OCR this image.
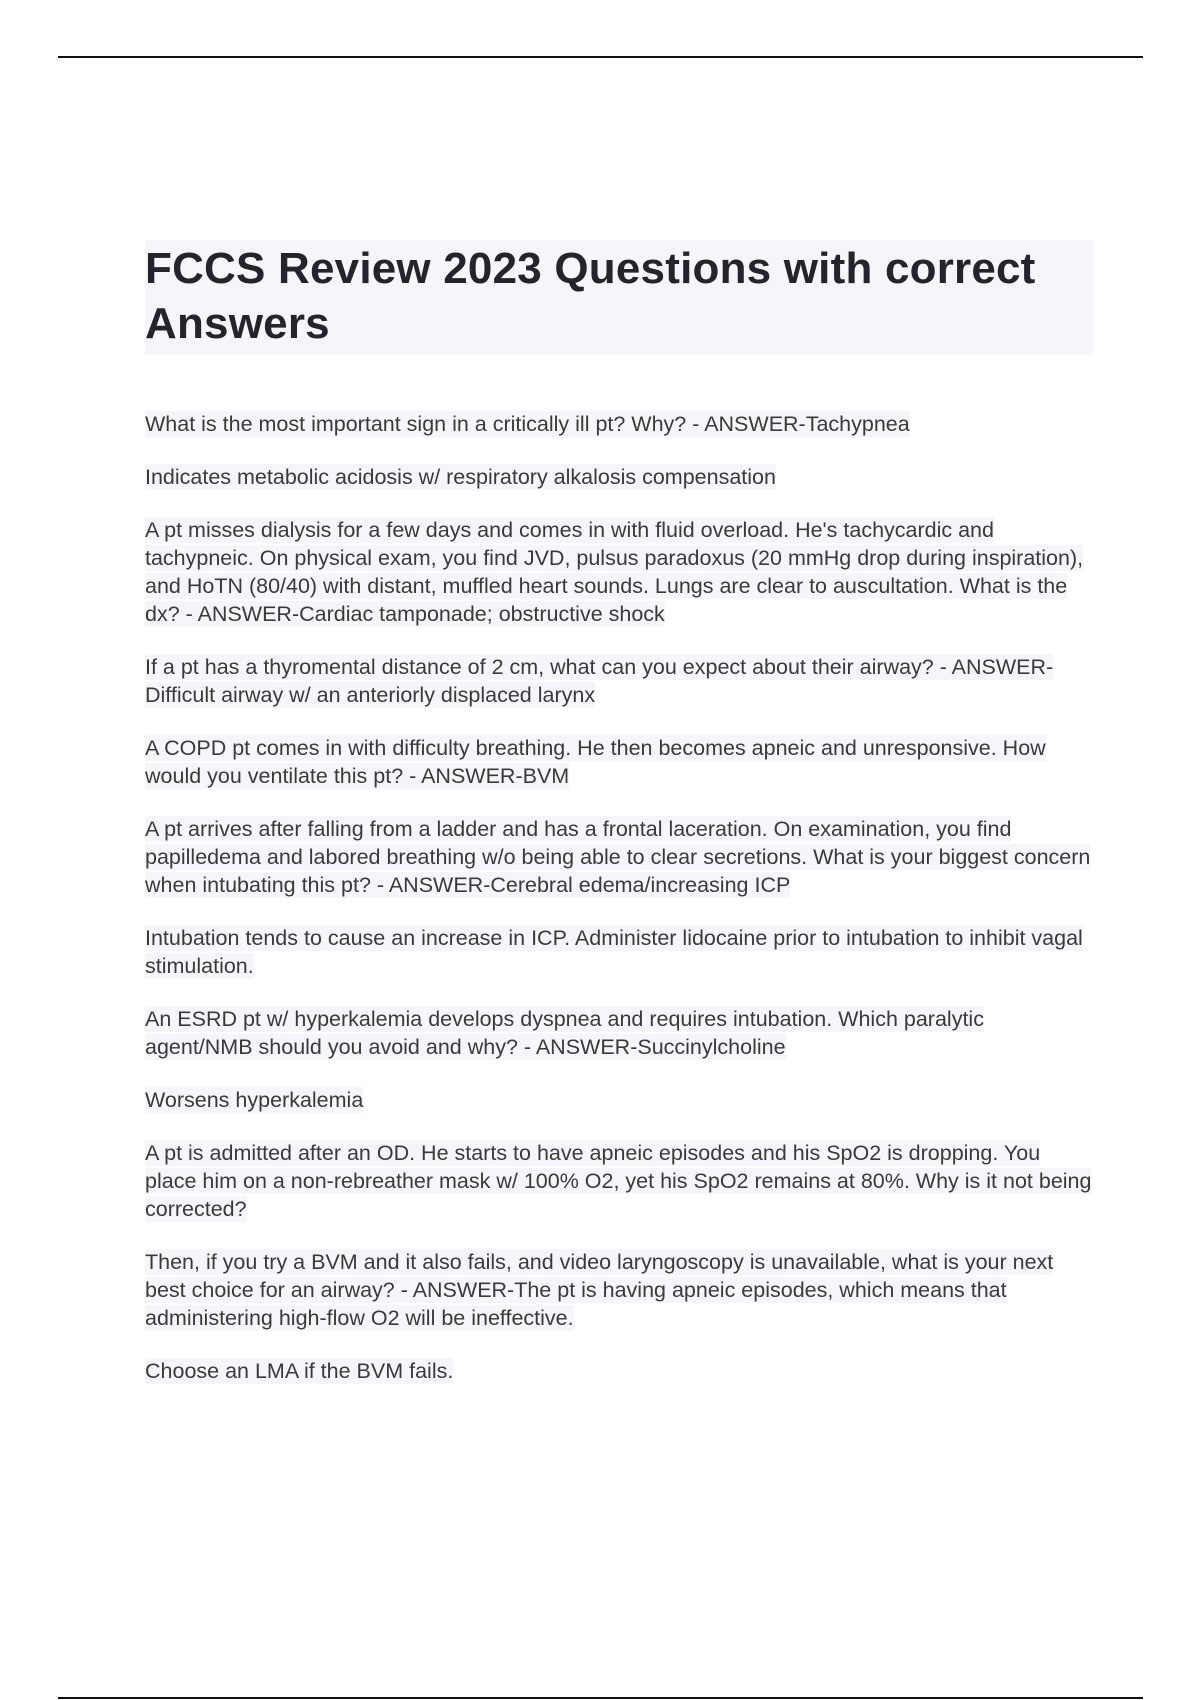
FCCS Review 2023 Questions with correct Answers

What is the most important sign in a critically ill pt? Why? - ANSWER-Tachypnea

Indicates metabolic acidosis w/ respiratory alkalosis compensation

A pt misses dialysis for a few days and comes in with fluid overload. He's tachycardic and tachypneic. On physical exam, you find JVD, pulsus paradoxus (20 mmHg drop during inspiration), and HoTN (80/40) with distant, muffled heart sounds. Lungs are clear to auscultation. What is the dx? - ANSWER-Cardiac tamponade; obstructive shock

If a pt has a thyromental distance of 2 cm, what can you expect about their airway? - ANSWER-Difficult airway w/ an anteriorly displaced larynx

A COPD pt comes in with difficulty breathing. He then becomes apneic and unresponsive. How would you ventilate this pt? - ANSWER-BVM

A pt arrives after falling from a ladder and has a frontal laceration. On examination, you find papilledema and labored breathing w/o being able to clear secretions. What is your biggest concern when intubating this pt? - ANSWER-Cerebral edema/increasing ICP

Intubation tends to cause an increase in ICP. Administer lidocaine prior to intubation to inhibit vagal stimulation.

An ESRD pt w/ hyperkalemia develops dyspnea and requires intubation. Which paralytic agent/NMB should you avoid and why? - ANSWER-Succinylcholine

Worsens hyperkalemia

A pt is admitted after an OD. He starts to have apneic episodes and his SpO2 is dropping. You place him on a non-rebreather mask w/ 100% O2, yet his SpO2 remains at 80%. Why is it not being corrected?

Then, if you try a BVM and it also fails, and video laryngoscopy is unavailable, what is your next best choice for an airway? - ANSWER-The pt is having apneic episodes, which means that administering high-flow O2 will be ineffective.

Choose an LMA if the BVM fails.
